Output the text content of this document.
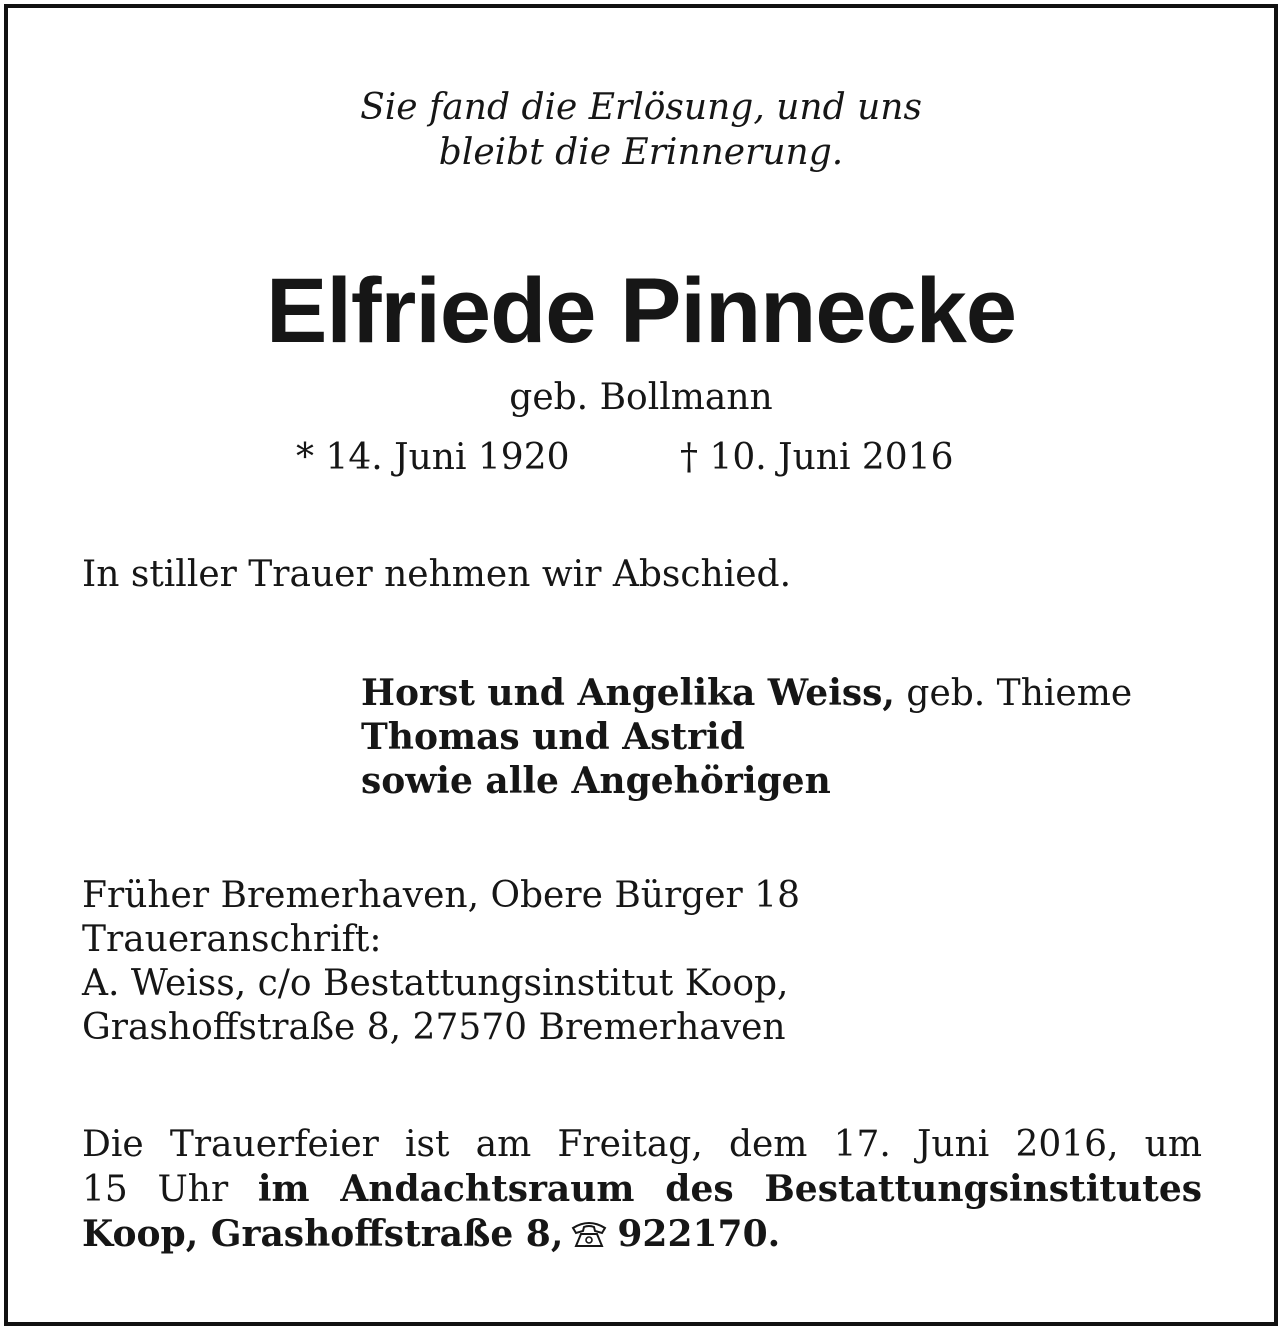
Sie fand die Erlösung, und uns

bleibt die Erinnerung.

Elfriede Pinnecke

geb. Bollmann

* 14. Juni 1920	† 10. Juni 2016

In stiller Trauer nehmen wir Abschied.

Horst und Angelika Weiss, geb. Thieme

Thomas und Astrid

sowie alle Angehörigen

Früher Bremerhaven, Obere Bürger 18

Traueranschrift:

A. Weiss, c/o Bestattungsinstitut Koop,

Grashoffstraße 8, 27570 Bremerhaven

Die Trauerfeier ist am Freitag, dem 17. Juni 2016, um
15 Uhr im Andachtsraum des Bestattungsinstitutes
Koop, Grashoffstraße 8, 922170.
